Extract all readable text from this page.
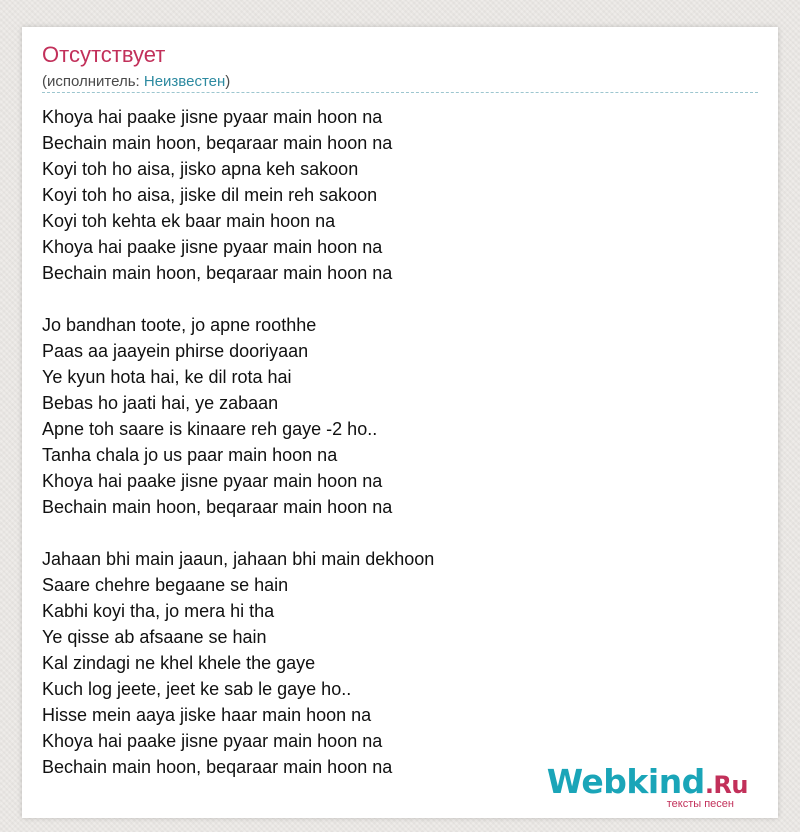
Отсутствует
(исполнитель: Неизвестен)
Khoya hai paake jisne pyaar main hoon na
Bechain main hoon, beqaraar main hoon na
Koyi toh ho aisa, jisko apna keh sakoon
Koyi toh ho aisa, jiske dil mein reh sakoon
Koyi toh kehta ek baar main hoon na
Khoya hai paake jisne pyaar main hoon na
Bechain main hoon, beqaraar main hoon na
Jo bandhan toote, jo apne roothhe
Paas aa jaayein phirse dooriyaan
Ye kyun hota hai, ke dil rota hai
Bebas ho jaati hai, ye zabaan
Apne toh saare is kinaare reh gaye -2 ho..
Tanha chala jo us paar main hoon na
Khoya hai paake jisne pyaar main hoon na
Bechain main hoon, beqaraar main hoon na
Jahaan bhi main jaaun, jahaan bhi main dekhoon
Saare chehre begaane se hain
Kabhi koyi tha, jo mera hi tha
Ye qisse ab afsaane se hain
Kal zindagi ne khel khele the gaye
Kuch log jeete, jeet ke sab le gaye ho..
Hisse mein aaya jiske haar main hoon na
Khoya hai paake jisne pyaar main hoon na
Bechain main hoon, beqaraar main hoon na	Webkind.Ru
тексты песен
